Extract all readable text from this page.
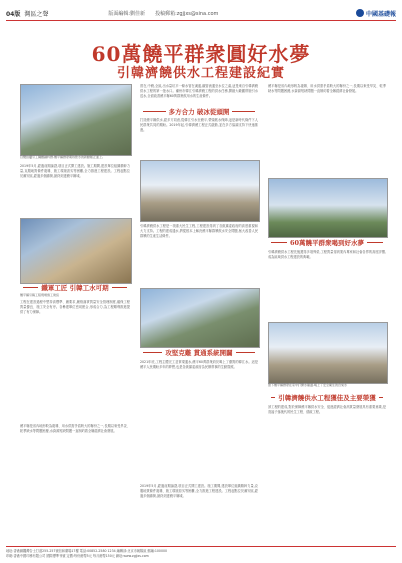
04版 灣區之聲	版面編輯:劉佳新 投稿郵箱:zgjjxs@sina.com	中國基礎報
60萬饒平群衆圓好水夢
引韓濟饒供水工程建設紀實
白鷺拍攝引工鋼鐵鋪料群,饒平縣群眾期待飲水的新動脈正面上。
曾在,中饒,全區,出水量坑平一條水管在溪邊,鐵管流通至水位之處,這是來自引韓濟饒供水工程的第一批水口。潮州市韓江引韓濟饒工程的供水任務,開創大範圍實施引水送水,全面改善饒平縣60萬群衆飲用水的生產條件。
多方合力 破冰從頭開
打造饒平縣供水,經多方同意,從韓江引水至饒平,帶頭飲水保障,這是新時代條件下人民群衆共同的期盼。2019年起,引韓濟饒工程正式啟動,並在多方協調支持下快速推進。
饒平縣是省內地形較為複雜、用水供需矛盾較大的縣份之一,長期以來受旱災、乾季缺水等問題困擾,水資源短缺問題一直制約着全縣經濟社會發展。
2019年5月,經過前期論證,項目正式開工建設。施工期間,建設單位組織精幹力量,克服地質條件複雜、施工環境惡劣等困難,全力推進工程建設。工程起點位於潮安區,經過多個鎮街,最終到達饒平縣城。
鐵軍工匠 引韓工水可期
饒平縣引韓工程現場施工建設
工程在建設過程中堅持高標準、嚴要求,嚴格落實質量安全管理制度,確保工程質量優良、施工安全有序。各參建單位密切配合,形成合力,為工程順利推進提供了有力保障。
引韓濟饒供水工程是一項重大民生工程,工程建設得到了各級黨委政府的高度重視和大力支持。工程的建成通水,將從根本上解決饒平縣群眾飲水安全問題,極大改善人民群眾的生產生活條件。
攻堅克難 貫通系統開闢
2021年底,工程主體完工並實現通水,饒平60萬群衆終於喝上了優質的韓江水。這是饒平人民期盼多年的夢想,也是各級黨委政府為民辦實事的生動寫照。
60萬饒平群衆喝到好水夢
引韓濟饒供水工程先後獲得多項殊榮,工程質量得到業內專家和社會各界的高度評價,成為區域供水工程建設的典範。
當下饒平縣群眾在家中打開水龍頭,喝上了安全衛生的自來水
引韓濟饒供水工程獲佳及主要榮獲
該工程的建成,對於保障饒平縣供水安全、促進經濟社會高質量發展具有重要意義,是造福子孫後代的民生工程、德政工程。
饒平縣是省內地形較為複雜、用水供需矛盾較大的縣份之一,長期以來受旱災、乾季缺水等問題困擾,水資源短缺問題一直制約着全縣經濟社會發展。
2019年5月,經過前期論證,項目正式開工建設。施工期間,建設單位組織精幹力量,克服地質條件複雜、施工環境惡劣等困難,全力推進工程建設。工程起點位於潮安區,經過多個鎮街,最終到達饒平縣城。
地址:香港銅鑼灣告士打道255-257號信和廣場17樓 電話:00852-2580 1234 編輯部:北京市朝陽區 郵編:100000
印刷:香港中國印務有限公司 國際標準刊號 定價:每份港幣5元 每月港幣150元 網址:www.zgjjxs.com
